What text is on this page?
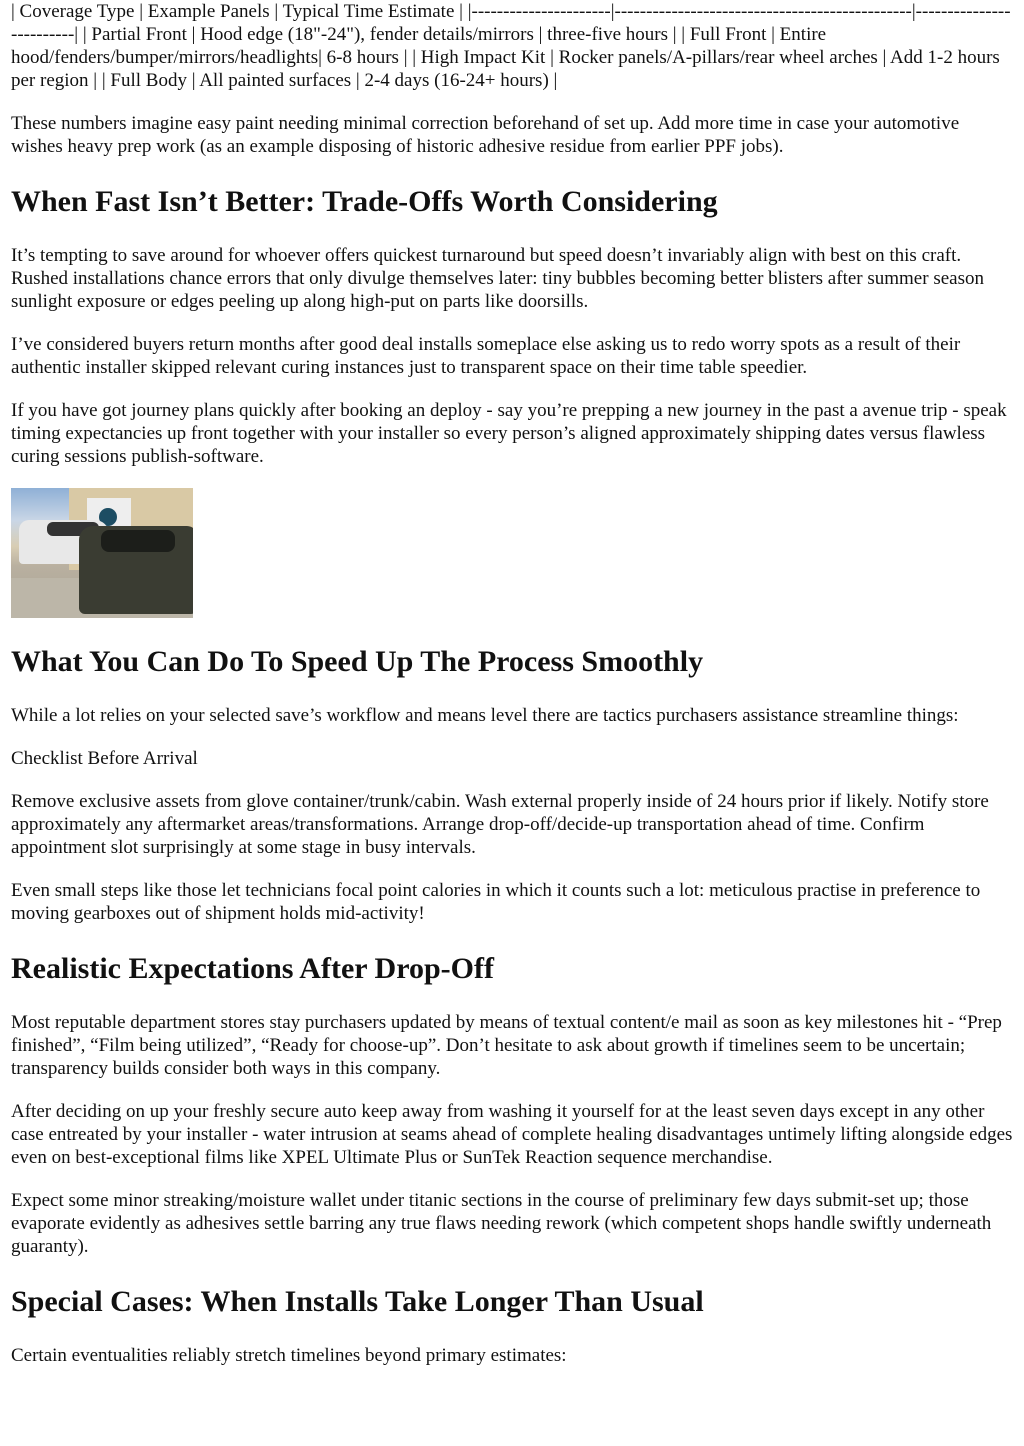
| Coverage Type | Example Panels | Typical Time Estimate | |----------------------|-----------------------------------------------|-------------------------| | Partial Front | Hood edge (18"-24"), fender details/mirrors | three-five hours | | Full Front | Entire hood/fenders/bumper/mirrors/headlights| 6-8 hours | | High Impact Kit | Rocker panels/A-pillars/rear wheel arches | Add 1-2 hours per region | | Full Body | All painted surfaces | 2-4 days (16-24+ hours) |

These numbers imagine easy paint needing minimal correction beforehand of set up. Add more time in case your automotive wishes heavy prep work (as an example disposing of historic adhesive residue from earlier PPF jobs).

When Fast Isn’t Better: Trade-Offs Worth Considering

It’s tempting to save around for whoever offers quickest turnaround but speed doesn’t invariably align with best on this craft. Rushed installations chance errors that only divulge themselves later: tiny bubbles becoming better blisters after summer season sunlight exposure or edges peeling up along high-put on parts like doorsills.

I’ve considered buyers return months after good deal installs someplace else asking us to redo worry spots as a result of their authentic installer skipped relevant curing instances just to transparent space on their time table speedier.

If you have got journey plans quickly after booking an deploy - say you’re prepping a new journey in the past a avenue trip - speak timing expectancies up front together with your installer so every person’s aligned approximately shipping dates versus flawless curing sessions publish-software.

What You Can Do To Speed Up The Process Smoothly

While a lot relies on your selected save’s workflow and means level there are tactics purchasers assistance streamline things:

Checklist Before Arrival

Remove exclusive assets from glove container/trunk/cabin. Wash external properly inside of 24 hours prior if likely. Notify store approximately any aftermarket areas/transformations. Arrange drop-off/decide-up transportation ahead of time. Confirm appointment slot surprisingly at some stage in busy intervals.

Even small steps like those let technicians focal point calories in which it counts such a lot: meticulous practise in preference to moving gearboxes out of shipment holds mid-activity!

Realistic Expectations After Drop-Off

Most reputable department stores stay purchasers updated by means of textual content/e mail as soon as key milestones hit - “Prep finished”, “Film being utilized”, “Ready for choose-up”. Don’t hesitate to ask about growth if timelines seem to be uncertain; transparency builds consider both ways in this company.

After deciding on up your freshly secure auto keep away from washing it yourself for at the least seven days except in any other case entreated by your installer - water intrusion at seams ahead of complete healing disadvantages untimely lifting alongside edges even on best-exceptional films like XPEL Ultimate Plus or SunTek Reaction sequence merchandise.

Expect some minor streaking/moisture wallet under titanic sections in the course of preliminary few days submit-set up; those evaporate evidently as adhesives settle barring any true flaws needing rework (which competent shops handle swiftly underneath guaranty).

Special Cases: When Installs Take Longer Than Usual

Certain eventualities reliably stretch timelines beyond primary estimates:
